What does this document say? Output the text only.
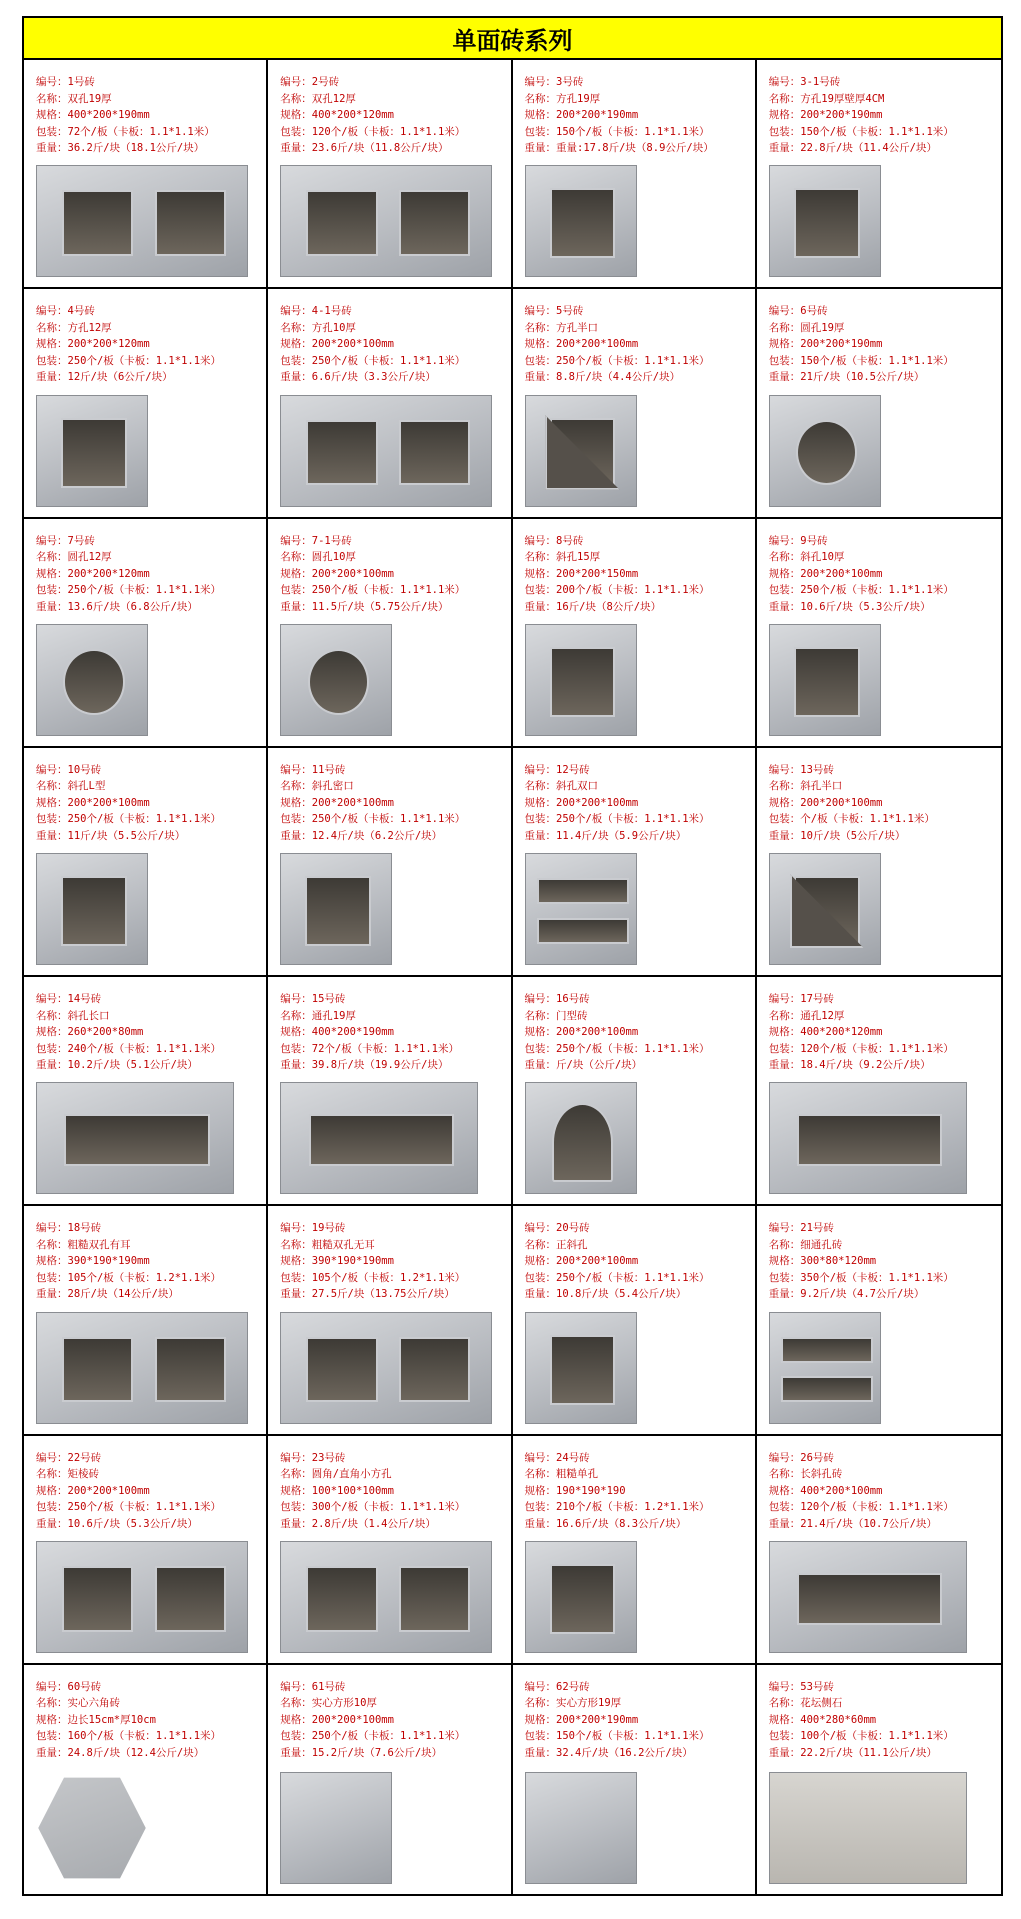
单面砖系列
编号：1号砖
名称：双孔19厚
规格：400*200*190mm
包装：72个/板（卡板：1.1*1.1米）
重量：36.2斤/块（18.1公斤/块）
编号：2号砖
名称：双孔12厚
规格：400*200*120mm
包装：120个/板（卡板：1.1*1.1米）
重量：23.6斤/块（11.8公斤/块）
编号：3号砖
名称：方孔19厚
规格：200*200*190mm
包装：150个/板（卡板：1.1*1.1米）
重量：重量:17.8斤/块（8.9公斤/块）
编号：3-1号砖
名称：方孔19厚壁厚4CM
规格：200*200*190mm
包装：150个/板（卡板：1.1*1.1米）
重量：22.8斤/块（11.4公斤/块）
编号：4号砖
名称：方孔12厚
规格：200*200*120mm
包装：250个/板（卡板：1.1*1.1米）
重量：12斤/块（6公斤/块）
编号：4-1号砖
名称：方孔10厚
规格：200*200*100mm
包装：250个/板（卡板：1.1*1.1米）
重量：6.6斤/块（3.3公斤/块）
编号：5号砖
名称：方孔半口
规格：200*200*100mm
包装：250个/板（卡板：1.1*1.1米）
重量：8.8斤/块（4.4公斤/块）
编号：6号砖
名称：圆孔19厚
规格：200*200*190mm
包装：150个/板（卡板：1.1*1.1米）
重量：21斤/块（10.5公斤/块）
编号：7号砖
名称：圆孔12厚
规格：200*200*120mm
包装：250个/板（卡板：1.1*1.1米）
重量：13.6斤/块（6.8公斤/块）
编号：7-1号砖
名称：圆孔10厚
规格：200*200*100mm
包装：250个/板（卡板：1.1*1.1米）
重量：11.5斤/块（5.75公斤/块）
编号：8号砖
名称：斜孔15厚
规格：200*200*150mm
包装：200个/板（卡板：1.1*1.1米）
重量：16斤/块（8公斤/块）
编号：9号砖
名称：斜孔10厚
规格：200*200*100mm
包装：250个/板（卡板：1.1*1.1米）
重量：10.6斤/块（5.3公斤/块）
编号：10号砖
名称：斜孔L型
规格：200*200*100mm
包装：250个/板（卡板：1.1*1.1米）
重量：11斤/块（5.5公斤/块）
编号：11号砖
名称：斜孔密口
规格：200*200*100mm
包装：250个/板（卡板：1.1*1.1米）
重量：12.4斤/块（6.2公斤/块）
编号：12号砖
名称：斜孔双口
规格：200*200*100mm
包装：250个/板（卡板：1.1*1.1米）
重量：11.4斤/块（5.9公斤/块）
编号：13号砖
名称：斜孔半口
规格：200*200*100mm
包装：个/板（卡板：1.1*1.1米）
重量：10斤/块（5公斤/块）
编号：14号砖
名称：斜孔长口
规格：260*200*80mm
包装：240个/板（卡板：1.1*1.1米）
重量：10.2斤/块（5.1公斤/块）
编号：15号砖
名称：通孔19厚
规格：400*200*190mm
包装：72个/板（卡板：1.1*1.1米）
重量：39.8斤/块（19.9公斤/块）
编号：16号砖
名称：门型砖
规格：200*200*100mm
包装：250个/板（卡板：1.1*1.1米）
重量：斤/块（公斤/块）
编号：17号砖
名称：通孔12厚
规格：400*200*120mm
包装：120个/板（卡板：1.1*1.1米）
重量：18.4斤/块（9.2公斤/块）
编号：18号砖
名称：粗糙双孔有耳
规格：390*190*190mm
包装：105个/板（卡板：1.2*1.1米）
重量：28斤/块（14公斤/块）
编号：19号砖
名称：粗糙双孔无耳
规格：390*190*190mm
包装：105个/板（卡板：1.2*1.1米）
重量：27.5斤/块（13.75公斤/块）
编号：20号砖
名称：正斜孔
规格：200*200*100mm
包装：250个/板（卡板：1.1*1.1米）
重量：10.8斤/块（5.4公斤/块）
编号：21号砖
名称：细通孔砖
规格：300*80*120mm
包装：350个/板（卡板：1.1*1.1米）
重量：9.2斤/块（4.7公斤/块）
编号：22号砖
名称：矩棱砖
规格：200*200*100mm
包装：250个/板（卡板：1.1*1.1米）
重量：10.6斤/块（5.3公斤/块）
编号：23号砖
名称：圆角/直角小方孔
规格：100*100*100mm
包装：300个/板（卡板：1.1*1.1米）
重量：2.8斤/块（1.4公斤/块）
编号：24号砖
名称：粗糙单孔
规格：190*190*190
包装：210个/板（卡板：1.2*1.1米）
重量：16.6斤/块（8.3公斤/块）
编号：26号砖
名称：长斜孔砖
规格：400*200*100mm
包装：120个/板（卡板：1.1*1.1米）
重量：21.4斤/块（10.7公斤/块）
编号：60号砖
名称：实心六角砖
规格：边长15cm*厚10cm
包装：160个/板（卡板：1.1*1.1米）
重量：24.8斤/块（12.4公斤/块）
编号：61号砖
名称：实心方形10厚
规格：200*200*100mm
包装：250个/板（卡板：1.1*1.1米）
重量：15.2斤/块（7.6公斤/块）
编号：62号砖
名称：实心方形19厚
规格：200*200*190mm
包装：150个/板（卡板：1.1*1.1米）
重量：32.4斤/块（16.2公斤/块）
编号：53号砖
名称：花坛侧石
规格：400*280*60mm
包装：100个/板（卡板：1.1*1.1米）
重量：22.2斤/块（11.1公斤/块）
